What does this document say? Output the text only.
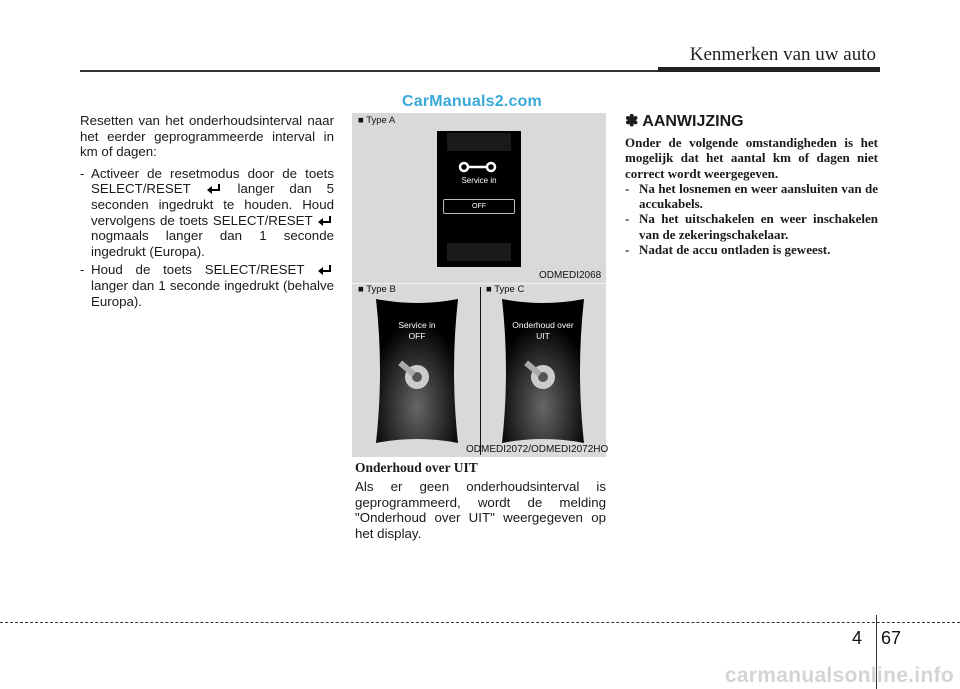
Kenmerken van uw auto
CarManuals2.com

Resetten van het onderhoudsinterval naar het eerder geprogrammeerde interval in km of dagen:

- Activeer de resetmodus door de toets SELECT/RESET	langer dan 5 seconden ingedrukt te houden. Houd vervolgens de toets SELECT/RESET  nogmaals langer dan 1 seconde ingedrukt (Europa).
- Houd de toets SELECT/RESET  langer dan 1 seconde ingedrukt (behalve Europa).
■ Type A
Service in
OFF
ODMEDI2068
■ Type B	■ Type C
Service in
OFF
Onderhoud over
UIT
ODMEDI2072/ODMEDI2072HO

Onderhoud over UIT

Als er geen onderhoudsinterval is geprogrammeerd, wordt de melding "Onderhoud over UIT" weergegeven op het display.

✽ AANWIJZING

Onder de volgende omstandigheden is het mogelijk dat het aantal km of dagen niet correct wordt weergegeven.

- Na het losnemen en weer aansluiten van de accukabels.
- Na het uitschakelen en weer inschakelen van de zekeringschakelaar.
- Nadat de accu ontladen is geweest.
4 67
carmanualsonline.info
